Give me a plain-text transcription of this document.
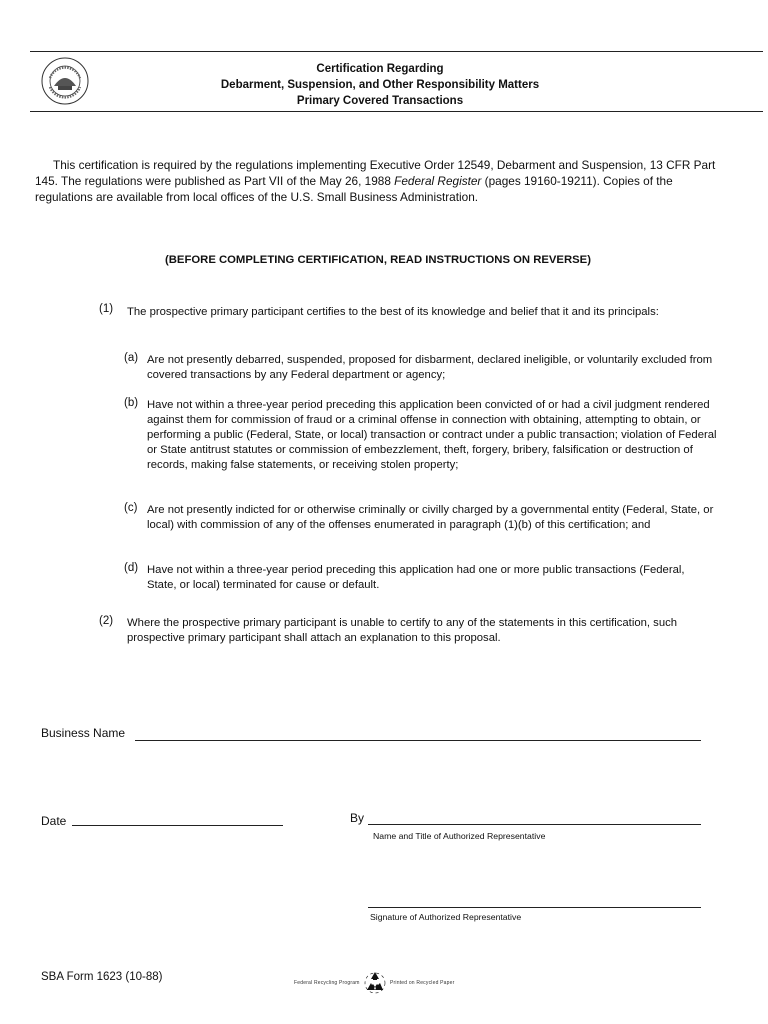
Certification Regarding
Debarment, Suspension, and Other Responsibility Matters
Primary Covered Transactions
This certification is required by the regulations implementing Executive Order 12549, Debarment and Suspension, 13 CFR Part 145. The regulations were published as Part VII of the May 26, 1988 Federal Register (pages 19160-19211). Copies of the regulations are available from local offices of the U.S. Small Business Administration.
(BEFORE COMPLETING CERTIFICATION, READ INSTRUCTIONS ON REVERSE)
(1) The prospective primary participant certifies to the best of its knowledge and belief that it and its principals:
(a) Are not presently debarred, suspended, proposed for disbarment, declared ineligible, or voluntarily excluded from covered transactions by any Federal department or agency;
(b) Have not within a three-year period preceding this application been convicted of or had a civil judgment rendered against them for commission of fraud or a criminal offense in connection with obtaining, attempting to obtain, or performing a public (Federal, State, or local) transaction or contract under a public transaction; violation of Federal or State antitrust statutes or commission of embezzlement, theft, forgery, bribery, falsification or destruction of records, making false statements, or receiving stolen property;
(c) Are not presently indicted for or otherwise criminally or civilly charged by a governmental entity (Federal, State, or local) with commission of any of the offenses enumerated in paragraph (1)(b) of this certification; and
(d) Have not within a three-year period preceding this application had one or more public transactions (Federal, State, or local) terminated for cause or default.
(2) Where the prospective primary participant is unable to certify to any of the statements in this certification, such prospective primary participant shall attach an explanation to this proposal.
Business Name
Date	By
Name and Title of Authorized Representative
Signature of Authorized Representative
SBA Form 1623 (10-88)	Federal Recycling Program	Printed on Recycled Paper
